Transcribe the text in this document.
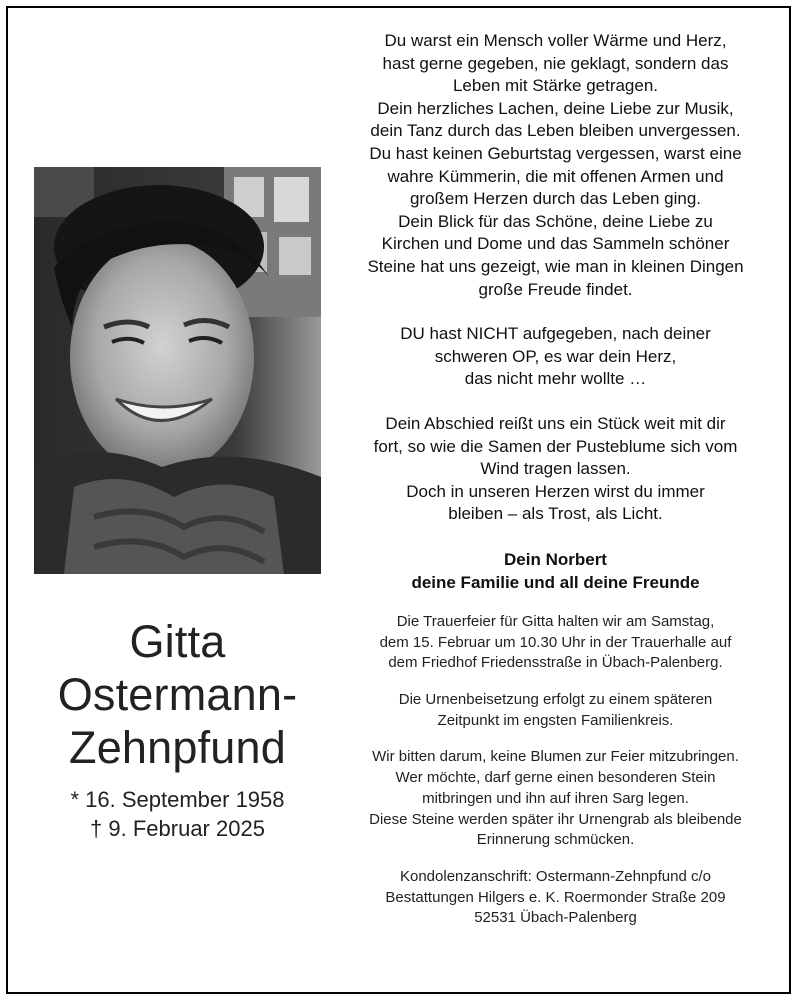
Gitta
Ostermann-
Zehnpfund
* 16. September 1958
† 9. Februar 2025

Du warst ein Mensch voller Wärme und Herz,

hast gerne gegeben, nie geklagt, sondern das

Leben mit Stärke getragen.

Dein herzliches Lachen, deine Liebe zur Musik,

dein Tanz durch das Leben bleiben unvergessen.

Du hast keinen Geburtstag vergessen, warst eine

wahre Kümmerin, die mit offenen Armen und

großem Herzen durch das Leben ging.

Dein Blick für das Schöne, deine Liebe zu

Kirchen und Dome und das Sammeln schöner

Steine hat uns gezeigt, wie man in kleinen Dingen

große Freude findet.

DU hast NICHT aufgegeben, nach deiner

schweren OP, es war dein Herz,

das nicht mehr wollte …

Dein Abschied reißt uns ein Stück weit mit dir

fort, so wie die Samen der Pusteblume sich vom

Wind tragen lassen.

Doch in unseren Herzen wirst du immer

bleiben – als Trost, als Licht.

Dein Norbert
deine Familie und all deine Freunde
Die Trauerfeier für Gitta halten wir am Samstag,
dem 15. Februar um 10.30 Uhr in der Trauerhalle auf
dem Friedhof Friedensstraße in Übach-Palenberg.
Die Urnenbeisetzung erfolgt zu einem späteren
Zeitpunkt im engsten Familienkreis.
Wir bitten darum, keine Blumen zur Feier mitzubringen.
Wer möchte, darf gerne einen besonderen Stein
mitbringen und ihn auf ihren Sarg legen.
Diese Steine werden später ihr Urnengrab als bleibende
Erinnerung schmücken.
Kondolenzanschrift: Ostermann-Zehnpfund c/o
Bestattungen Hilgers e. K. Roermonder Straße 209
52531 Übach-Palenberg
